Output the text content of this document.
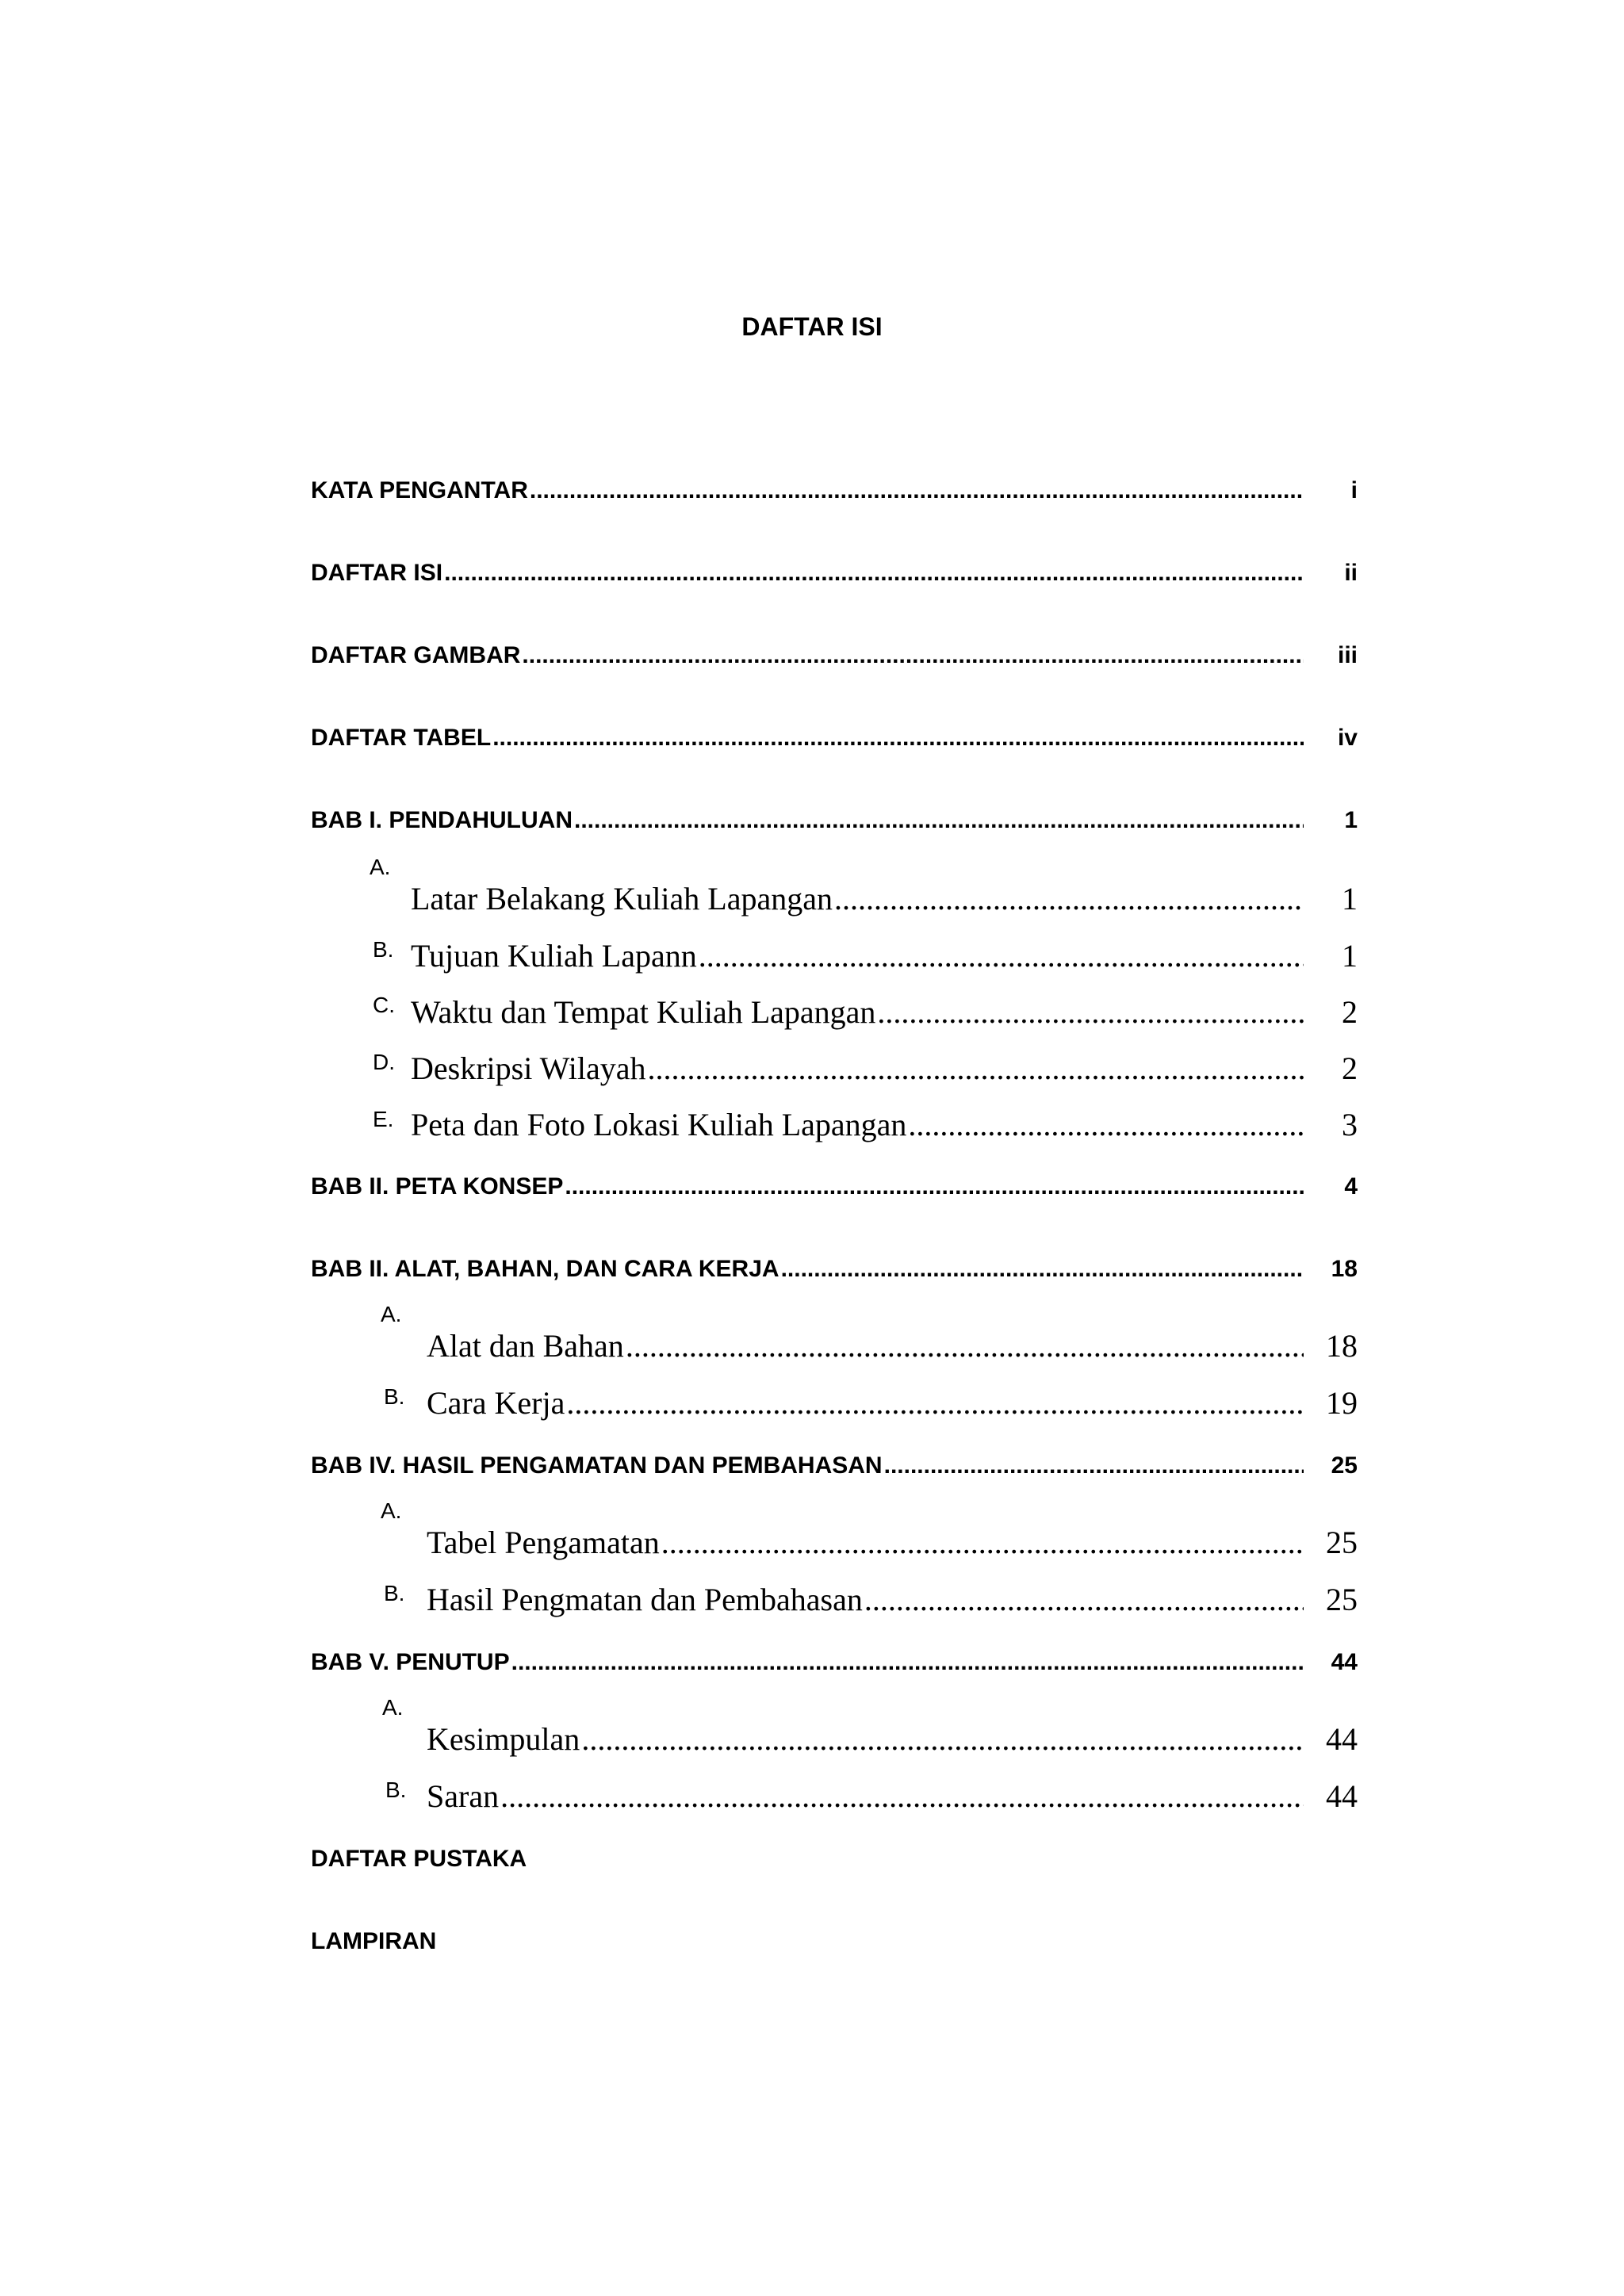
DAFTAR ISI
KATA PENGANTAR .....	i
DAFTAR ISI .....	ii
DAFTAR GAMBAR .....	iii
DAFTAR TABEL .....	iv
BAB I. PENDAHULUAN .....	1
A.
Latar Belakang Kuliah Lapangan .....	1
B. Tujuan Kuliah Lapann .....	1
C. Waktu dan Tempat Kuliah Lapangan .....	2
D. Deskripsi Wilayah .....	2
E. Peta dan Foto Lokasi Kuliah Lapangan .....	3
BAB II. PETA KONSEP .....	4
BAB II. ALAT, BAHAN, DAN CARA KERJA .....	18
A.
Alat dan Bahan .....	18
B. Cara Kerja .....	19
BAB IV. HASIL PENGAMATAN DAN PEMBAHASAN .....	25
A.
Tabel Pengamatan .....	25
B. Hasil Pengmatan dan Pembahasan .....	25
BAB V. PENUTUP .....	44
A.
Kesimpulan .....	44
B. Saran .....	44
DAFTAR PUSTAKA
LAMPIRAN
